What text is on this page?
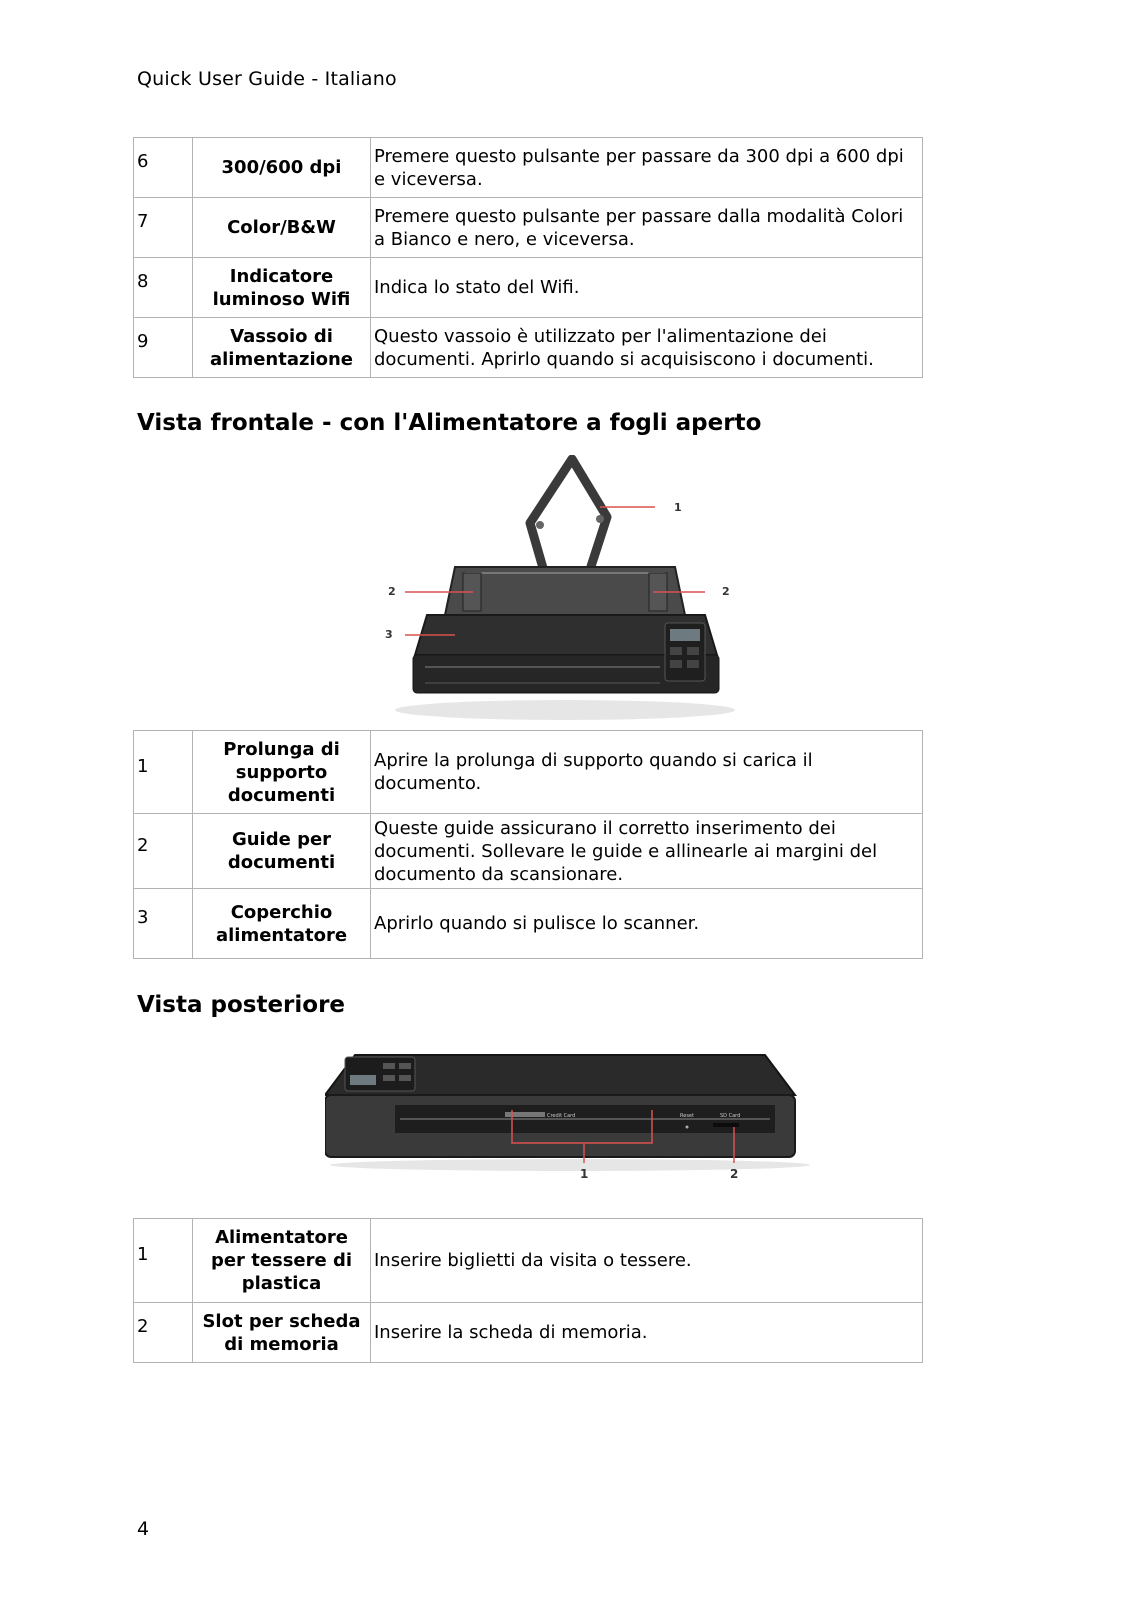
Quick User Guide - Italiano
6	300/600 dpi	Premere questo pulsante per passare da 300 dpi a 600 dpi e viceversa.
7	Color/B&W	Premere questo pulsante per passare dalla modalità Colori a Bianco e nero, e viceversa.
8	Indicatore luminoso Wifi	Indica lo stato del Wifi.
9	Vassoio di alimentazione	Questo vassoio è utilizzato per l'alimentazione dei documenti. Aprirlo quando si acquisiscono i documenti.
Vista frontale - con l'Alimentatore a fogli aperto
1
2	2
3
1	Prolunga di supporto documenti	Aprire la prolunga di supporto quando si carica il documento.
2	Guide per documenti	Queste guide assicurano il corretto inserimento dei documenti. Sollevare le guide e allinearle ai margini del documento da scansionare.
3	Coperchio alimentatore	Aprirlo quando si pulisce lo scanner.
Vista posteriore
Credit Card	Reset	SD Card
1	2
1	Alimentatore per tessere di plastica	Inserire biglietti da visita o tessere.
2	Slot per scheda di memoria	Inserire la scheda di memoria.
4
